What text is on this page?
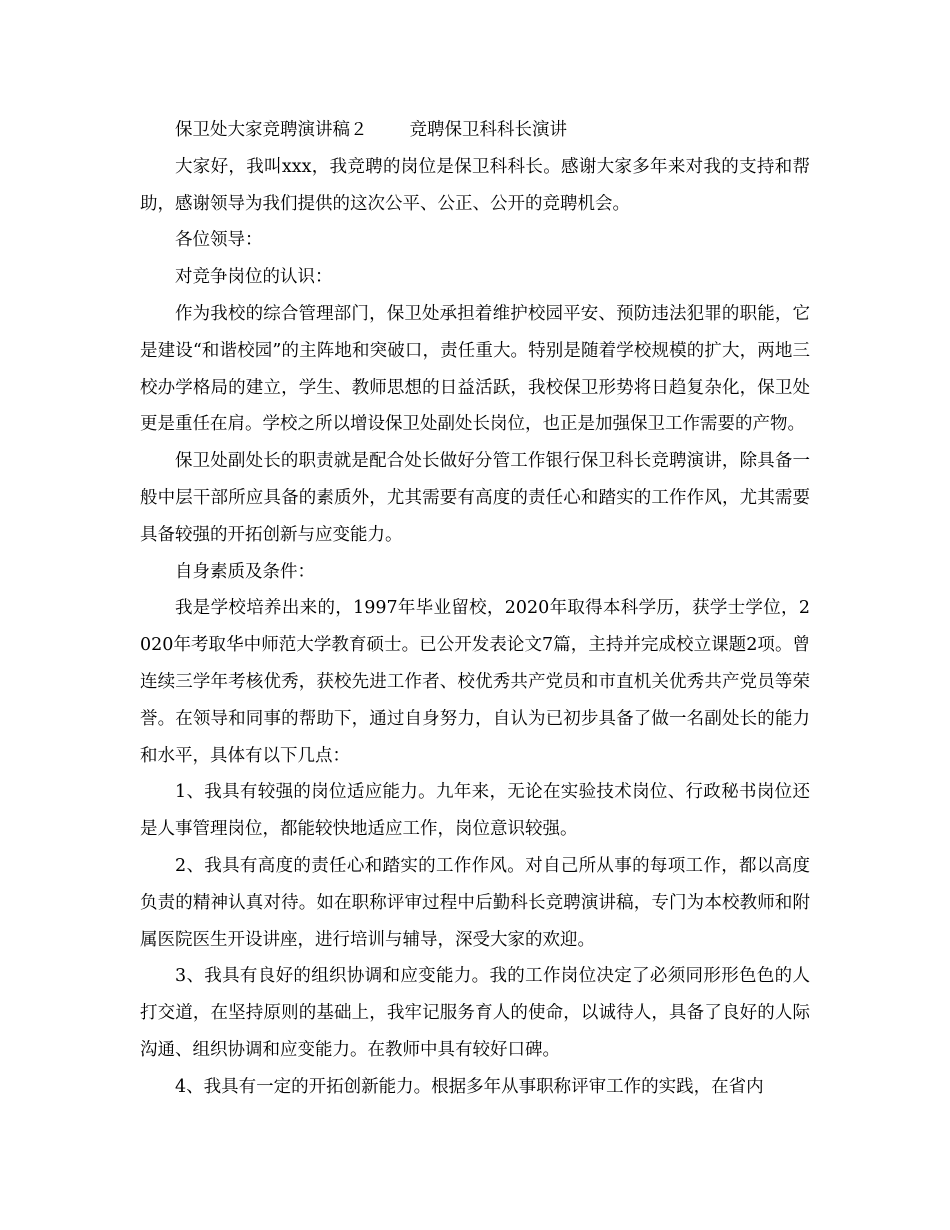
保卫处大家竞聘演讲稿２ 竞聘保卫科科长演讲

大家好，我叫xxx，我竞聘的岗位是保卫科科长。感谢大家多年来对我的支持和帮助，感谢领导为我们提供的这次公平、公正、公开的竞聘机会。

各位领导：

对竞争岗位的认识：

作为我校的综合管理部门，保卫处承担着维护校园平安、预防违法犯罪的职能，它是建设“和谐校园”的主阵地和突破口，责任重大。特别是随着学校规模的扩大，两地三校办学格局的建立，学生、教师思想的日益活跃，我校保卫形势将日趋复杂化，保卫处更是重任在肩。学校之所以增设保卫处副处长岗位，也正是加强保卫工作需要的产物。

保卫处副处长的职责就是配合处长做好分管工作银行保卫科长竞聘演讲，除具备一般中层干部所应具备的素质外，尤其需要有高度的责任心和踏实的工作作风，尤其需要具备较强的开拓创新与应变能力。

自身素质及条件：

我是学校培养出来的，1997年毕业留校，2020年取得本科学历，获学士学位，2020年考取华中师范大学教育硕士。已公开发表论文7篇，主持并完成校立课题2项。曾连续三学年考核优秀，获校先进工作者、校优秀共产党员和市直机关优秀共产党员等荣誉。在领导和同事的帮助下，通过自身努力，自认为已初步具备了做一名副处长的能力和水平，具体有以下几点：

1、我具有较强的岗位适应能力。九年来，无论在实验技术岗位、行政秘书岗位还是人事管理岗位，都能较快地适应工作，岗位意识较强。

2、我具有高度的责任心和踏实的工作作风。对自己所从事的每项工作，都以高度负责的精神认真对待。如在职称评审过程中后勤科长竞聘演讲稿，专门为本校教师和附属医院医生开设讲座，进行培训与辅导，深受大家的欢迎。

3、我具有良好的组织协调和应变能力。我的工作岗位决定了必须同形形色色的人打交道，在坚持原则的基础上，我牢记服务育人的使命，以诚待人，具备了良好的人际沟通、组织协调和应变能力。在教师中具有较好口碑。

4、我具有一定的开拓创新能力。根据多年从事职称评审工作的实践，在省内
